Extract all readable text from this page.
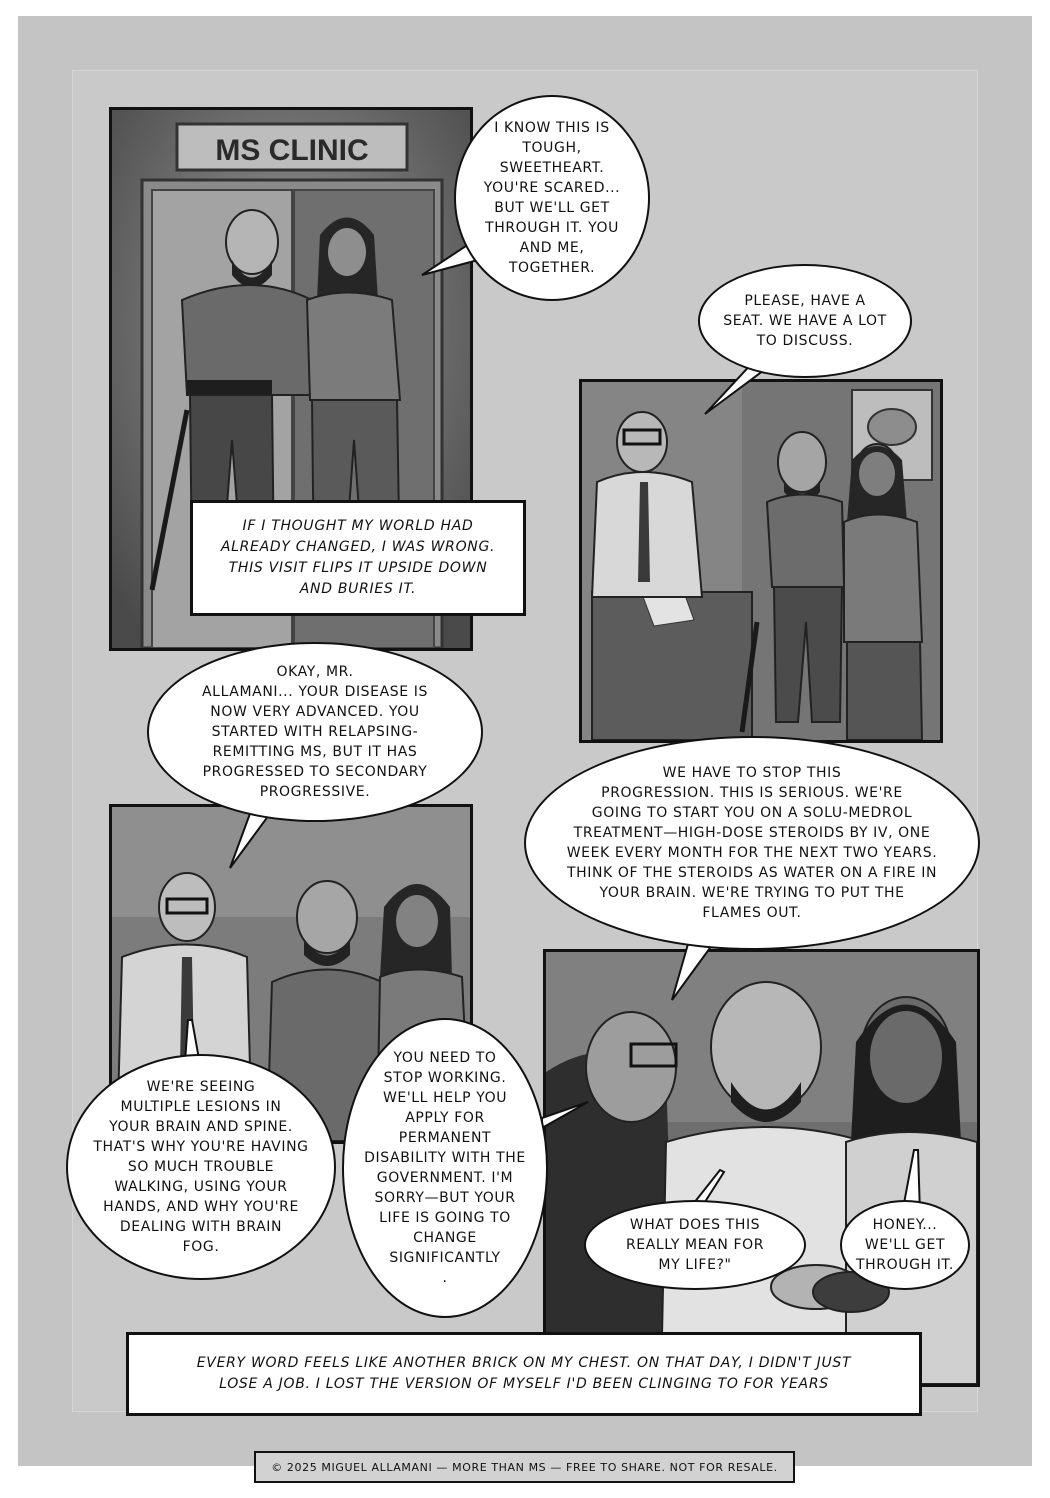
MS CLINIC
I KNOW THIS IS
TOUGH,
SWEETHEART.
YOU'RE SCARED...
BUT WE'LL GET
THROUGH IT. YOU
AND ME,
TOGETHER.
PLEASE, HAVE A
SEAT. WE HAVE A LOT
TO DISCUSS.
OKAY, MR.
ALLAMANI... YOUR DISEASE IS
NOW VERY ADVANCED. YOU
STARTED WITH RELAPSING-
REMITTING MS, BUT IT HAS
PROGRESSED TO SECONDARY
PROGRESSIVE.
WE HAVE TO STOP THIS
PROGRESSION. THIS IS SERIOUS. WE'RE
GOING TO START YOU ON A SOLU-MEDROL
TREATMENT—HIGH-DOSE STEROIDS BY IV, ONE
WEEK EVERY MONTH FOR THE NEXT TWO YEARS.
THINK OF THE STEROIDS AS WATER ON A FIRE IN
YOUR BRAIN. WE'RE TRYING TO PUT THE
FLAMES OUT.
WE'RE SEEING
MULTIPLE LESIONS IN
YOUR BRAIN AND SPINE.
THAT'S WHY YOU'RE HAVING
SO MUCH TROUBLE
WALKING, USING YOUR
HANDS, AND WHY YOU'RE
DEALING WITH BRAIN
FOG.
YOU NEED TO
STOP WORKING.
WE'LL HELP YOU
APPLY FOR
PERMANENT
DISABILITY WITH THE
GOVERNMENT. I'M
SORRY—BUT YOUR
LIFE IS GOING TO
CHANGE
SIGNIFICANTLY
.
WHAT DOES THIS
REALLY MEAN FOR
MY LIFE?"
HONEY...
WE'LL GET
THROUGH IT.
IF I THOUGHT MY WORLD HAD
ALREADY CHANGED, I WAS WRONG.
THIS VISIT FLIPS IT UPSIDE DOWN
AND BURIES IT.
EVERY WORD FEELS LIKE ANOTHER BRICK ON MY CHEST. ON THAT DAY, I DIDN'T JUST
LOSE A JOB. I LOST THE VERSION OF MYSELF I'D BEEN CLINGING TO FOR YEARS
© 2025 MIGUEL ALLAMANI — MORE THAN MS — FREE TO SHARE. NOT FOR RESALE.
